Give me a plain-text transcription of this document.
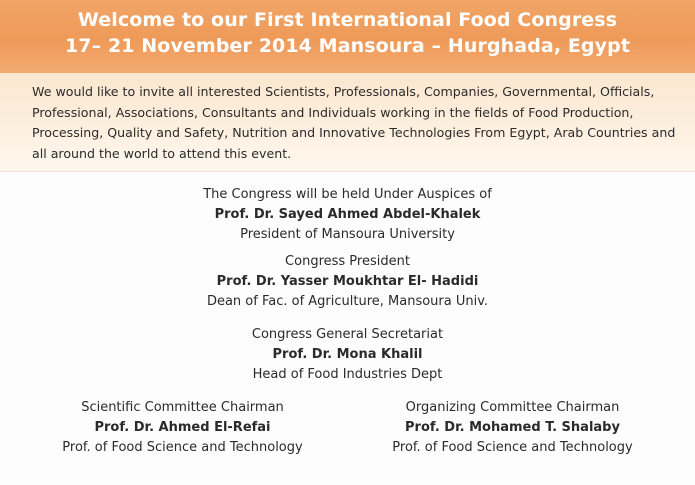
Welcome to our First International Food Congress
17– 21 November 2014 Mansoura – Hurghada, Egypt

We would like to invite all interested Scientists, Professionals, Companies, Governmental, Officials, Professional, Associations, Consultants and Individuals working in the fields of Food Production, Processing, Quality and Safety, Nutrition and Innovative Technologies From Egypt, Arab Countries and all around the world to attend this event.

The Congress will be held Under Auspices of
Prof. Dr. Sayed Ahmed Abdel-Khalek
President of Mansoura University
Congress President
Prof. Dr. Yasser Moukhtar El- Hadidi
Dean of Fac. of Agriculture, Mansoura Univ.
Congress General Secretariat
Prof. Dr. Mona Khalil
Head of Food Industries Dept
Scientific Committee Chairman
Prof. Dr. Ahmed El-Refai
Prof. of Food Science and Technology
Organizing Committee Chairman
Prof. Dr. Mohamed T. Shalaby
Prof. of Food Science and Technology
